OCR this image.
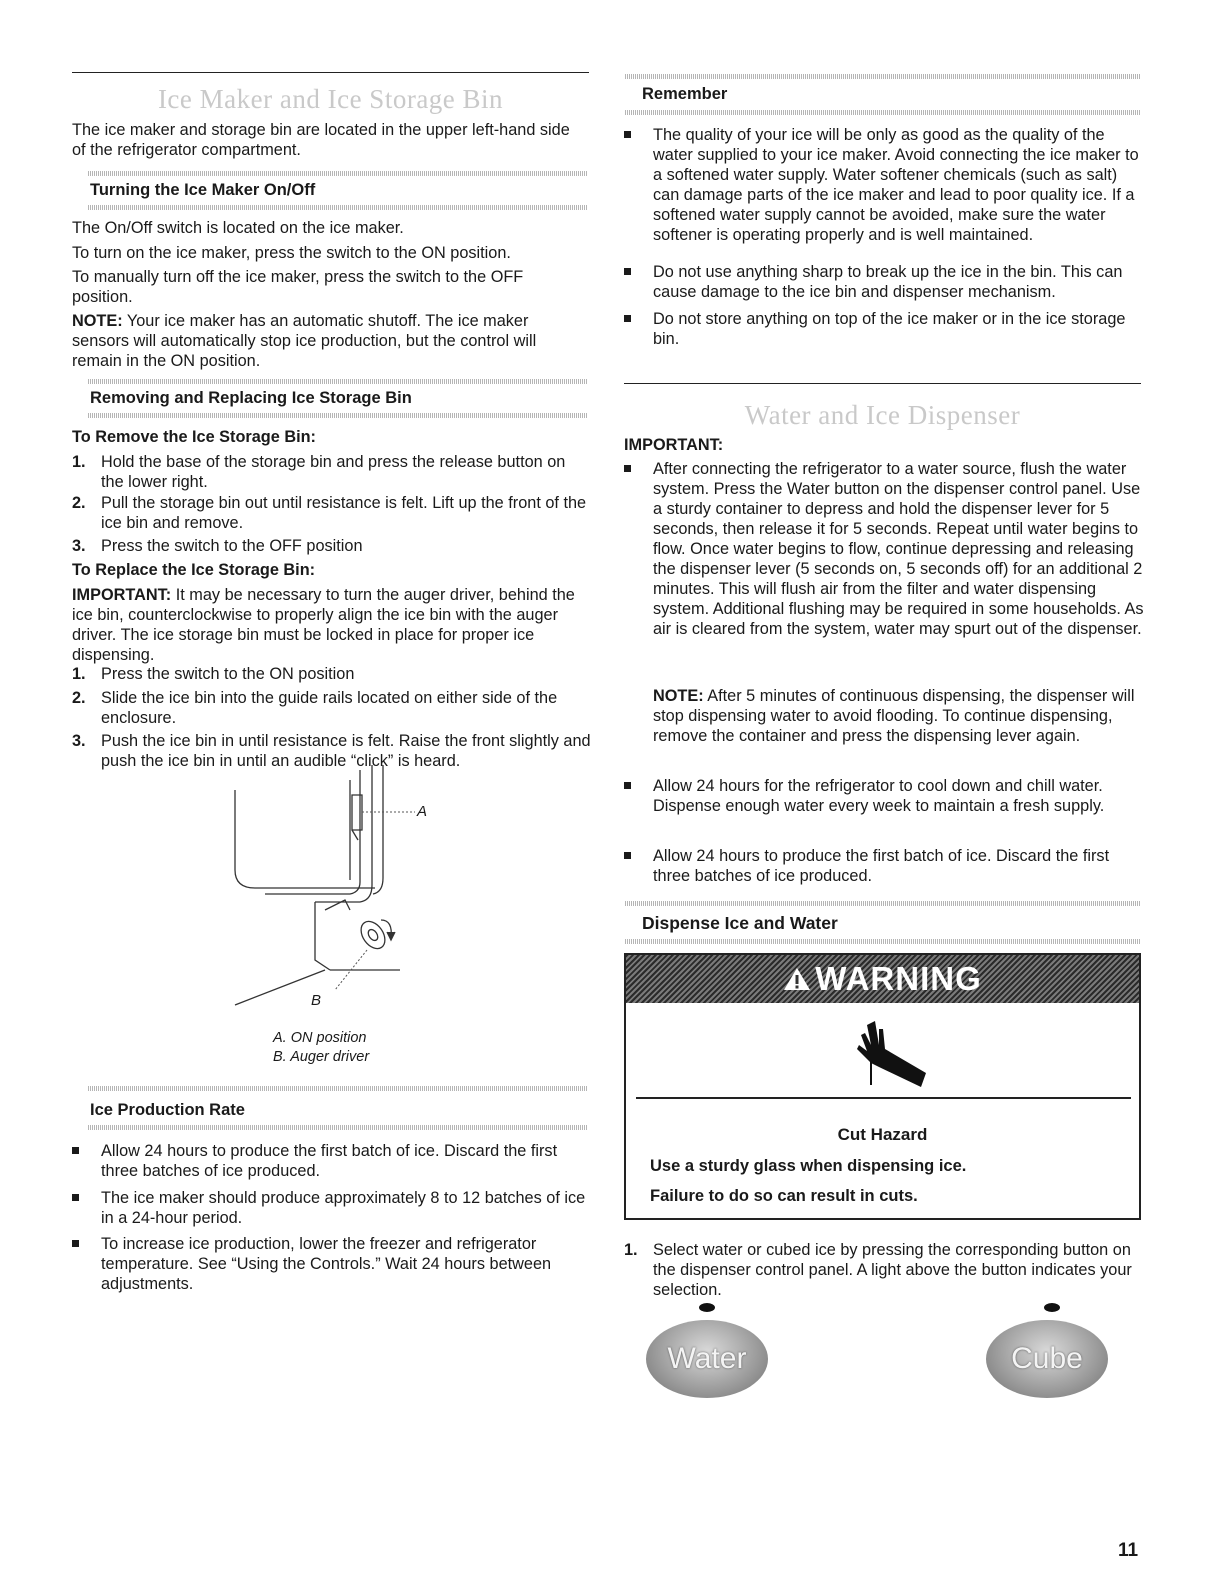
Ice Maker and Ice Storage Bin

The ice maker and storage bin are located in the upper left-hand side of the refrigerator compartment.

Turning the Ice Maker On/Off

The On/Off switch is located on the ice maker.

To turn on the ice maker, press the switch to the ON position.

To manually turn off the ice maker, press the switch to the OFF position.

NOTE: Your ice maker has an automatic shutoff. The ice maker sensors will automatically stop ice production, but the control will remain in the ON position.

Removing and Replacing Ice Storage Bin
To Remove the Ice Storage Bin:
1. Hold the base of the storage bin and press the release button on the lower right.
2. Pull the storage bin out until resistance is felt. Lift up the front of the ice bin and remove.
3. Press the switch to the OFF position
To Replace the Ice Storage Bin:

IMPORTANT: It may be necessary to turn the auger driver, behind the ice bin, counterclockwise to properly align the ice bin with the auger driver. The ice storage bin must be locked in place for proper ice dispensing.

1. Press the switch to the ON position
2. Slide the ice bin into the guide rails located on either side of the enclosure.
3. Push the ice bin in until resistance is felt. Raise the front slightly and push the ice bin in until an audible “click” is heard.
A
B
A. ON position
B. Auger driver
Ice Production Rate
Allow 24 hours to produce the first batch of ice. Discard the first three batches of ice produced.
The ice maker should produce approximately 8 to 12 batches of ice in a 24-hour period.
To increase ice production, lower the freezer and refrigerator temperature. See “Using the Controls.” Wait 24 hours between adjustments.
Remember
The quality of your ice will be only as good as the quality of the water supplied to your ice maker. Avoid connecting the ice maker to a softened water supply. Water softener chemicals (such as salt) can damage parts of the ice maker and lead to poor quality ice. If a softened water supply cannot be avoided, make sure the water softener is operating properly and is well maintained.
Do not use anything sharp to break up the ice in the bin. This can cause damage to the ice bin and dispenser mechanism.
Do not store anything on top of the ice maker or in the ice storage bin.
Water and Ice Dispenser
IMPORTANT:
After connecting the refrigerator to a water source, flush the water system. Press the Water button on the dispenser control panel. Use a sturdy container to depress and hold the dispenser lever for 5 seconds, then release it for 5 seconds. Repeat until water begins to flow. Once water begins to flow, continue depressing and releasing the dispenser lever (5 seconds on, 5 seconds off) for an additional 2 minutes. This will flush air from the filter and water dispensing system. Additional flushing may be required in some households. As air is cleared from the system, water may spurt out of the dispenser.

NOTE: After 5 minutes of continuous dispensing, the dispenser will stop dispensing water to avoid flooding. To continue dispensing, remove the container and press the dispensing lever again.

Allow 24 hours for the refrigerator to cool down and chill water. Dispense enough water every week to maintain a fresh supply.
Allow 24 hours to produce the first batch of ice. Discard the first three batches of ice produced.
Dispense Ice and Water
WARNING
Cut Hazard
Use a sturdy glass when dispensing ice.
Failure to do so can result in cuts.
1. Select water or cubed ice by pressing the corresponding button on the dispenser control panel. A light above the button indicates your selection.
Water	Cube
11
